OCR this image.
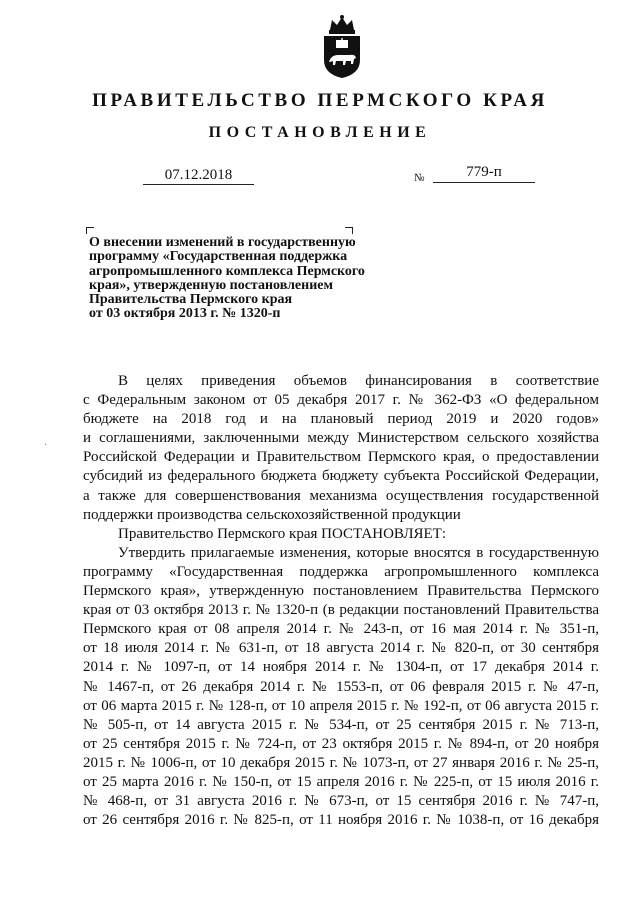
ПРАВИТЕЛЬСТВО ПЕРМСКОГО КРАЯ
ПОСТАНОВЛЕНИЕ
07.12.2018	№	779-п
О внесении изменений в государственную
программу «Государственная поддержка
агропромышленного комплекса Пермского
края», утвержденную постановлением
Правительства Пермского края
от 03 октября 2013 г. № 1320-п
·
В целях приведения объемов финансирования в соответствие
с Федеральным законом от 05 декабря 2017 г. № 362-ФЗ «О федеральном
бюджете на 2018 год и на плановый период 2019 и 2020 годов»
и соглашениями, заключенными между Министерством сельского хозяйства
Российской Федерации и Правительством Пермского края, о предоставлении
субсидий из федерального бюджета бюджету субъекта Российской Федерации,
а также для совершенствования механизма осуществления государственной
поддержки производства сельскохозяйственной продукции
Правительство Пермского края ПОСТАНОВЛЯЕТ:
Утвердить прилагаемые изменения, которые вносятся в государственную
программу «Государственная поддержка агропромышленного комплекса
Пермского края», утвержденную постановлением Правительства Пермского
края от 03 октября 2013 г. № 1320-п (в редакции постановлений Правительства
Пермского края от 08 апреля 2014 г. № 243-п, от 16 мая 2014 г. № 351-п,
от 18 июля 2014 г. № 631-п, от 18 августа 2014 г. № 820-п, от 30 сентября
2014 г. № 1097-п, от 14 ноября 2014 г. № 1304-п, от 17 декабря 2014 г.
№ 1467-п, от 26 декабря 2014 г. № 1553-п, от 06 февраля 2015 г. № 47-п,
от 06 марта 2015 г. № 128-п, от 10 апреля 2015 г. № 192-п, от 06 августа 2015 г.
№ 505-п, от 14 августа 2015 г. № 534-п, от 25 сентября 2015 г. № 713-п,
от 25 сентября 2015 г. № 724-п, от 23 октября 2015 г. № 894-п, от 20 ноября
2015 г. № 1006-п, от 10 декабря 2015 г. № 1073-п, от 27 января 2016 г. № 25-п,
от 25 марта 2016 г. № 150-п, от 15 апреля 2016 г. № 225-п, от 15 июля 2016 г.
№ 468-п, от 31 августа 2016 г. № 673-п, от 15 сентября 2016 г. № 747-п,
от 26 сентября 2016 г. № 825-п, от 11 ноября 2016 г. № 1038-п, от 16 декабря
